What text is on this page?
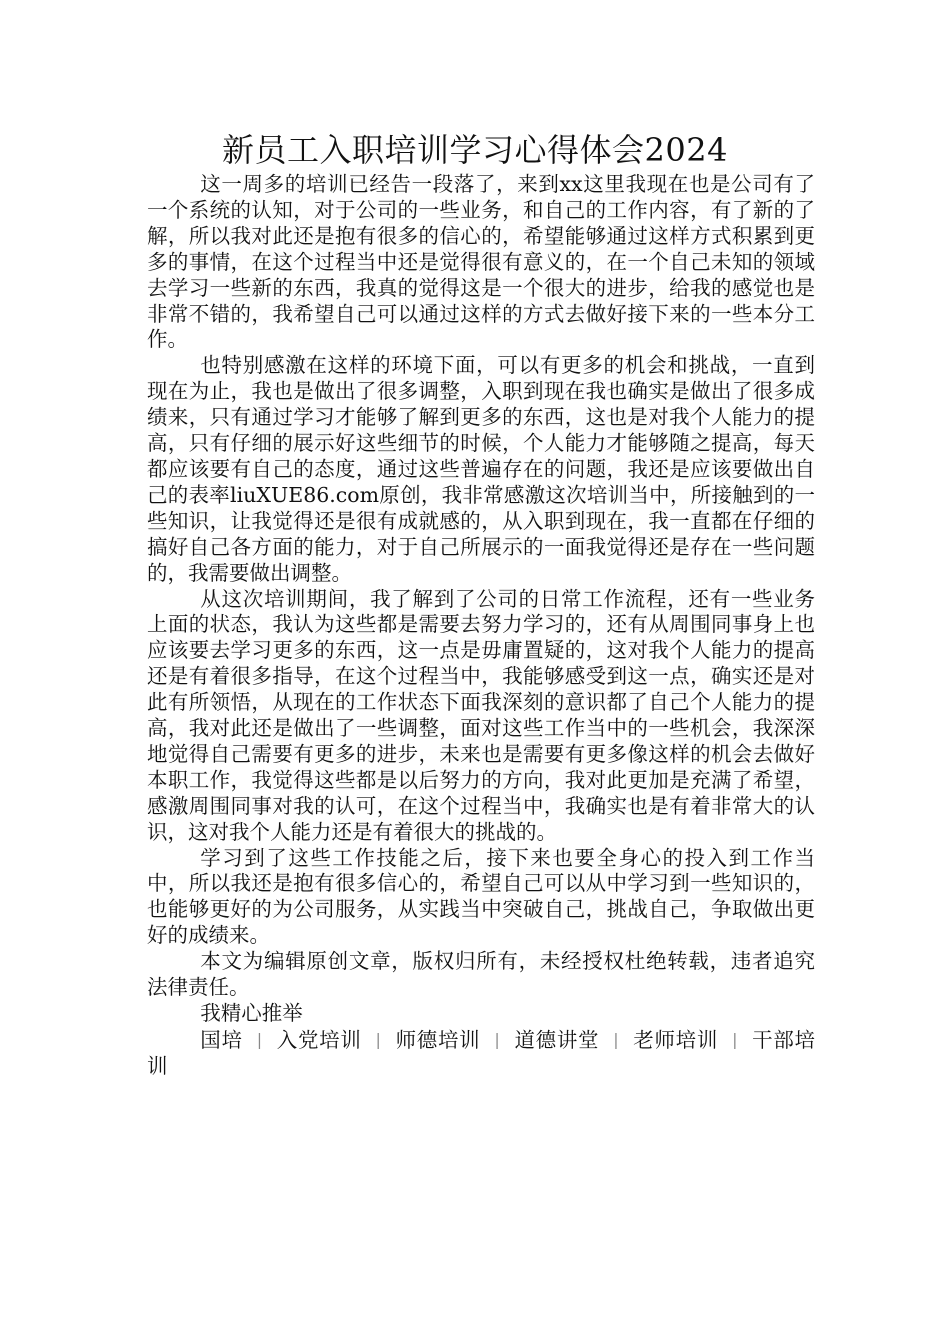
新员工入职培训学习心得体会2024

这一周多的培训已经告一段落了，来到xx这里我现在也是公司有了一个系统的认知，对于公司的一些业务，和自己的工作内容，有了新的了解，所以我对此还是抱有很多的信心的，希望能够通过这样方式积累到更多的事情，在这个过程当中还是觉得很有意义的，在一个自己未知的领域去学习一些新的东西，我真的觉得这是一个很大的进步，给我的感觉也是非常不错的，我希望自己可以通过这样的方式去做好接下来的一些本分工作。

也特别感激在这样的环境下面，可以有更多的机会和挑战，一直到现在为止，我也是做出了很多调整，入职到现在我也确实是做出了很多成绩来，只有通过学习才能够了解到更多的东西，这也是对我个人能力的提高，只有仔细的展示好这些细节的时候，个人能力才能够随之提高，每天都应该要有自己的态度，通过这些普遍存在的问题，我还是应该要做出自己的表率liuXUE86.com原创，我非常感激这次培训当中，所接触到的一些知识，让我觉得还是很有成就感的，从入职到现在，我一直都在仔细的搞好自己各方面的能力，对于自己所展示的一面我觉得还是存在一些问题的，我需要做出调整。

从这次培训期间，我了解到了公司的日常工作流程，还有一些业务上面的状态，我认为这些都是需要去努力学习的，还有从周围同事身上也应该要去学习更多的东西，这一点是毋庸置疑的，这对我个人能力的提高还是有着很多指导，在这个过程当中，我能够感受到这一点，确实还是对此有所领悟，从现在的工作状态下面我深刻的意识都了自己个人能力的提高，我对此还是做出了一些调整，面对这些工作当中的一些机会，我深深地觉得自己需要有更多的进步，未来也是需要有更多像这样的机会去做好本职工作，我觉得这些都是以后努力的方向，我对此更加是充满了希望，感激周围同事对我的认可，在这个过程当中，我确实也是有着非常大的认识，这对我个人能力还是有着很大的挑战的。

学习到了这些工作技能之后，接下来也要全身心的投入到工作当中，所以我还是抱有很多信心的，希望自己可以从中学习到一些知识的，也能够更好的为公司服务，从实践当中突破自己，挑战自己，争取做出更好的成绩来。

本文为编辑原创文章，版权归所有，未经授权杜绝转载，违者追究法律责任。

我精心推举

国培 | 入党培训 | 师德培训 | 道德讲堂 | 老师培训 | 干部培训
